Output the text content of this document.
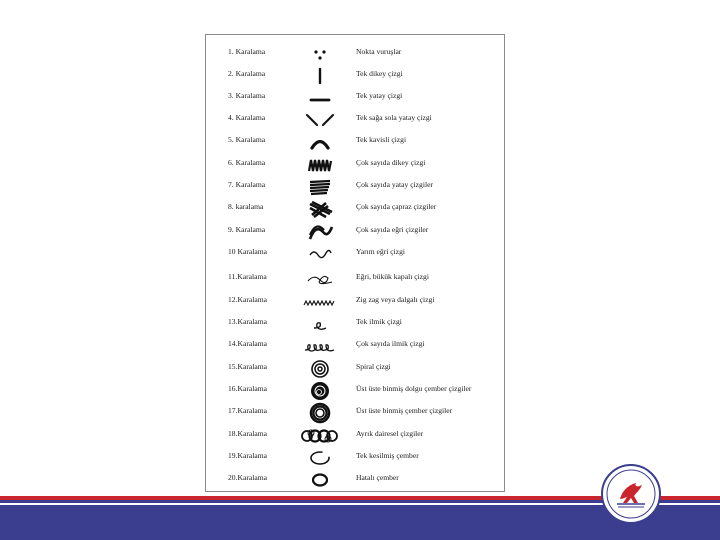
1. Karalama	Nokta vuruşlar
2. Karalama	Tek dikey çizgi
3. Karalama	Tek yatay çizgi
4. Karalama	Tek sağa sola yatay çizgi
5. Karalama	Tek kavisli çizgi
6. Karalama	Çok sayıda dikey çizgi
7. Karalama	Çok sayıda yatay çizgiler
8. karalama	Çok sayıda çapraz çizgiler
9. Karalama	Çok sayıda eğri çizgiler
10 Karalama	Yarım eğri çizgi
11.Karalama	Eğri, bükük kapalı çizgi
12.Karalama	Zig zag veya dalgalı çizgi
13.Karalama	Tek ilmik çizgi
14.Karalama	Çok sayıda ilmik çizgi
15.Karalama	Spiral çizgi
16.Karalama	Üst üste binmiş dolgu çember çizgiler
17.Karalama	Üst üste binmiş çember çizgiler
18.Karalama	Ayrık dairesel çizgiler
19.Karalama	Tek kesilmiş çember
20.Karalama	Hatalı çember
